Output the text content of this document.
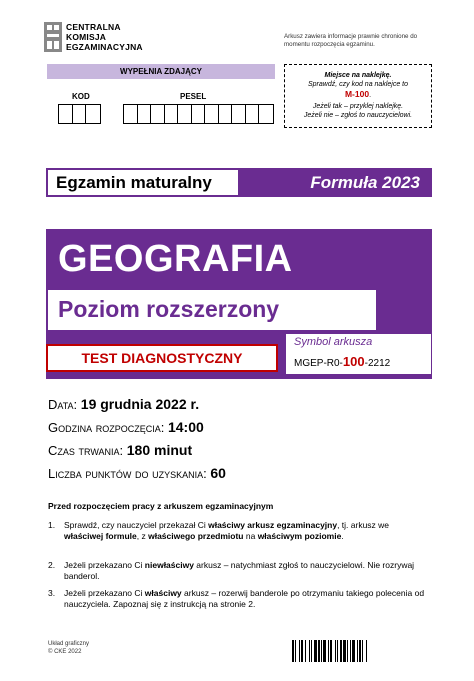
CENTRALNA
KOMISJA
EGZAMINACYJNA
Arkusz zawiera informacje prawnie chronione do momentu rozpoczęcia egzaminu.
WYPEŁNIA ZDAJĄCY
KOD	PESEL
Miejsce na naklejkę.
Sprawdź, czy kod na naklejce to
M-100.
Jeżeli tak – przyklej naklejkę.
Jeżeli nie – zgłoś to nauczycielowi.
Egzamin maturalny	Formuła 2023
GEOGRAFIA
Poziom rozszerzony
Symbol arkusza
MGEP-R0-100-2212
TEST DIAGNOSTYCZNY
Data: 19 grudnia 2022 r.
Godzina rozpoczęcia: 14:00
Czas trwania: 180 minut
Liczba punktów do uzyskania: 60
Przed rozpoczęciem pracy z arkuszem egzaminacyjnym
1.	Sprawdź, czy nauczyciel przekazał Ci właściwy arkusz egzaminacyjny, tj. arkusz we właściwej formule, z właściwego przedmiotu na właściwym poziomie.
2.	Jeżeli przekazano Ci niewłaściwy arkusz – natychmiast zgłoś to nauczycielowi. Nie rozrywaj banderol.
3.	Jeżeli przekazano Ci właściwy arkusz – rozerwij banderole po otrzymaniu takiego polecenia od nauczyciela. Zapoznaj się z instrukcją na stronie 2.
Układ graficzny
© CKE 2022
